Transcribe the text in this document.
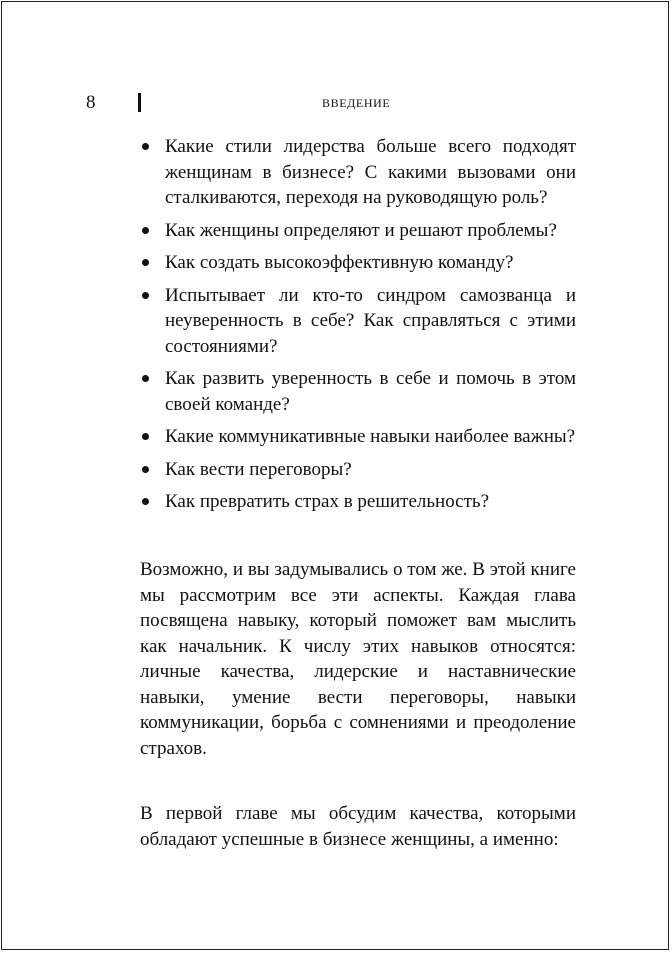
8	ВВЕДЕНИЕ
Какие стили лидерства больше всего подходят женщинам в бизнесе? С какими вызовами они сталкиваются, переходя на руководящую роль?
Как женщины определяют и решают проблемы?
Как создать высокоэффективную команду?
Испытывает ли кто-то синдром самозванца и неуверенность в себе? Как справляться с этими состояниями?
Как развить уверенность в себе и помочь в этом своей команде?
Какие коммуникативные навыки наиболее важны?
Как вести переговоры?
Как превратить страх в решительность?

Возможно, и вы задумывались о том же. В этой книге мы рассмотрим все эти аспекты. Каждая глава посвящена навыку, который поможет вам мыслить как начальник. К числу этих навыков относятся: личные качества, лидерские и наставнические навыки, умение вести переговоры, навыки коммуникации, борьба с сомнениями и преодоление страхов.

В первой главе мы обсудим качества, которыми обладают успешные в бизнесе женщины, а именно:
